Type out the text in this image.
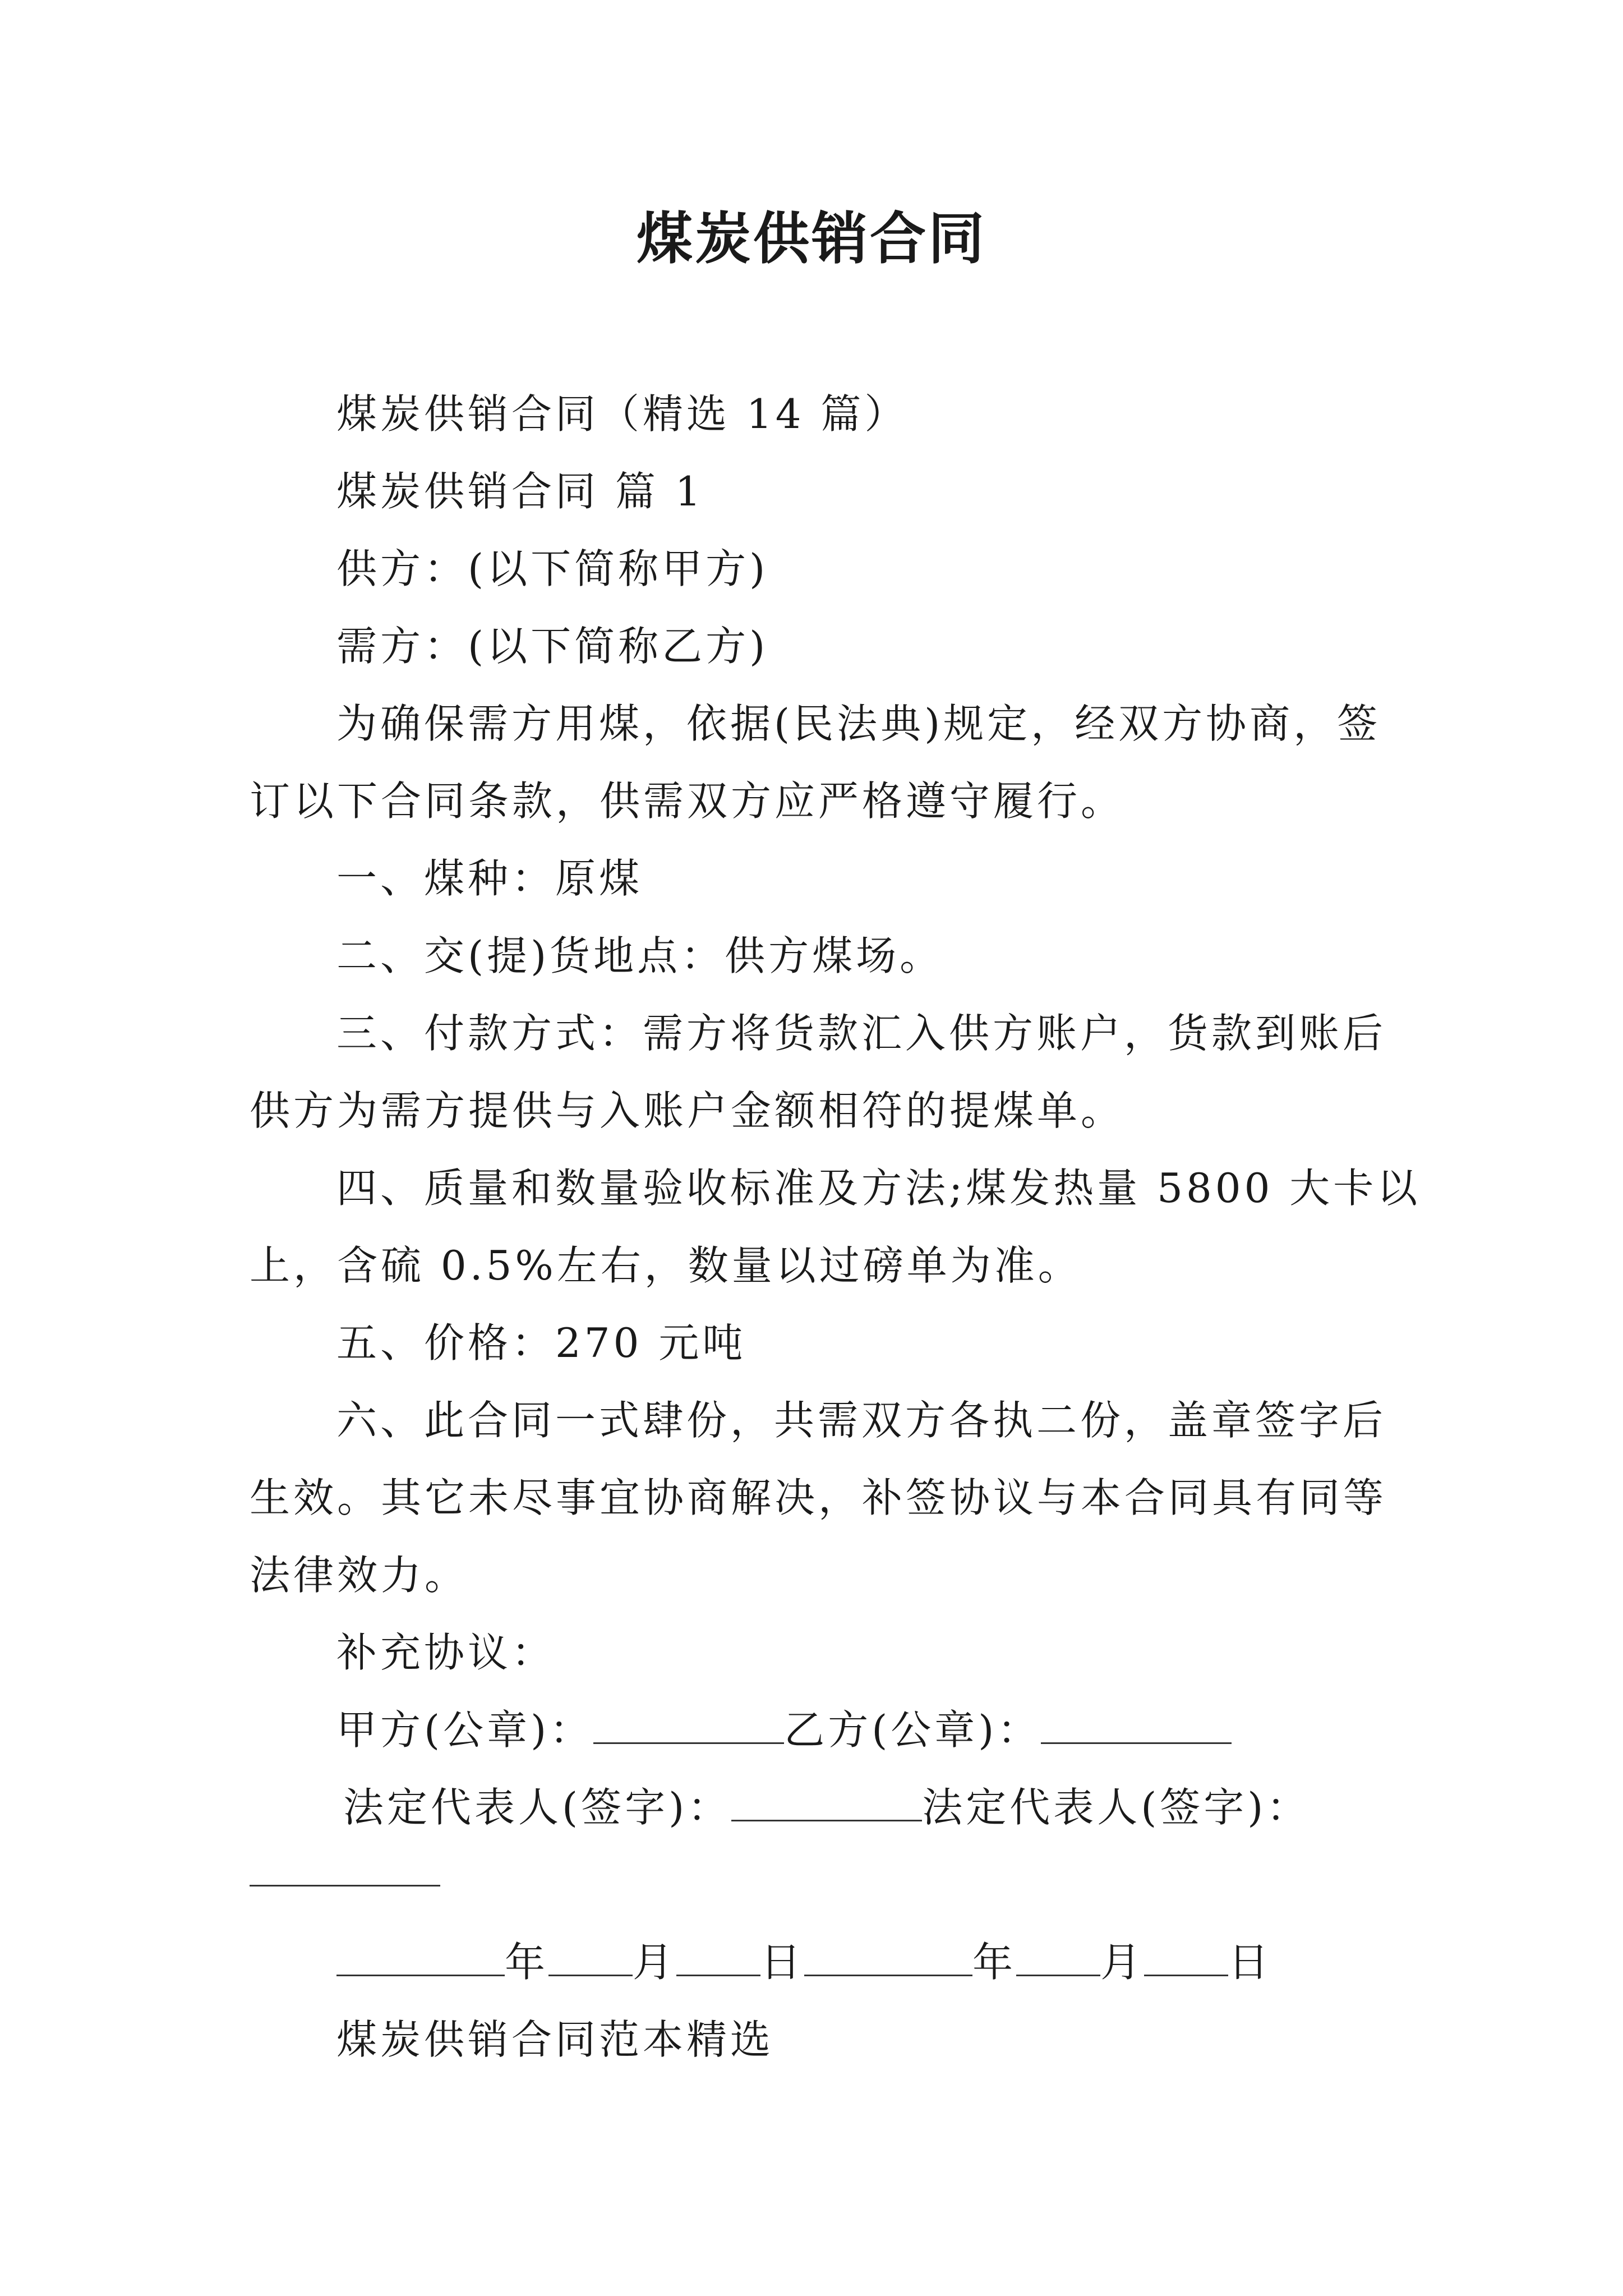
煤炭供销合同

煤炭供销合同（精选 14 篇）

煤炭供销合同 篇 1

供方：(以下简称甲方)

需方：(以下简称乙方)

为确保需方用煤，依据(民法典)规定，经双方协商，签

订以下合同条款，供需双方应严格遵守履行。

一、煤种：原煤

二、交(提)货地点：供方煤场。

三、付款方式：需方将货款汇入供方账户，货款到账后

供方为需方提供与入账户金额相符的提煤单。

四、质量和数量验收标准及方法;煤发热量 5800 大卡以

上，含硫 0.5%左右，数量以过磅单为准。

五、价格：270 元吨

六、此合同一式肆份，共需双方各执二份，盖章签字后

生效。其它未尽事宜协商解决，补签协议与本合同具有同等

法律效力。

补充协议：

甲方(公章)：	乙方(公章)：

法定代表人(签字)：	法定代表人(签字)：

年 月 日	年 月 日

煤炭供销合同范本精选
